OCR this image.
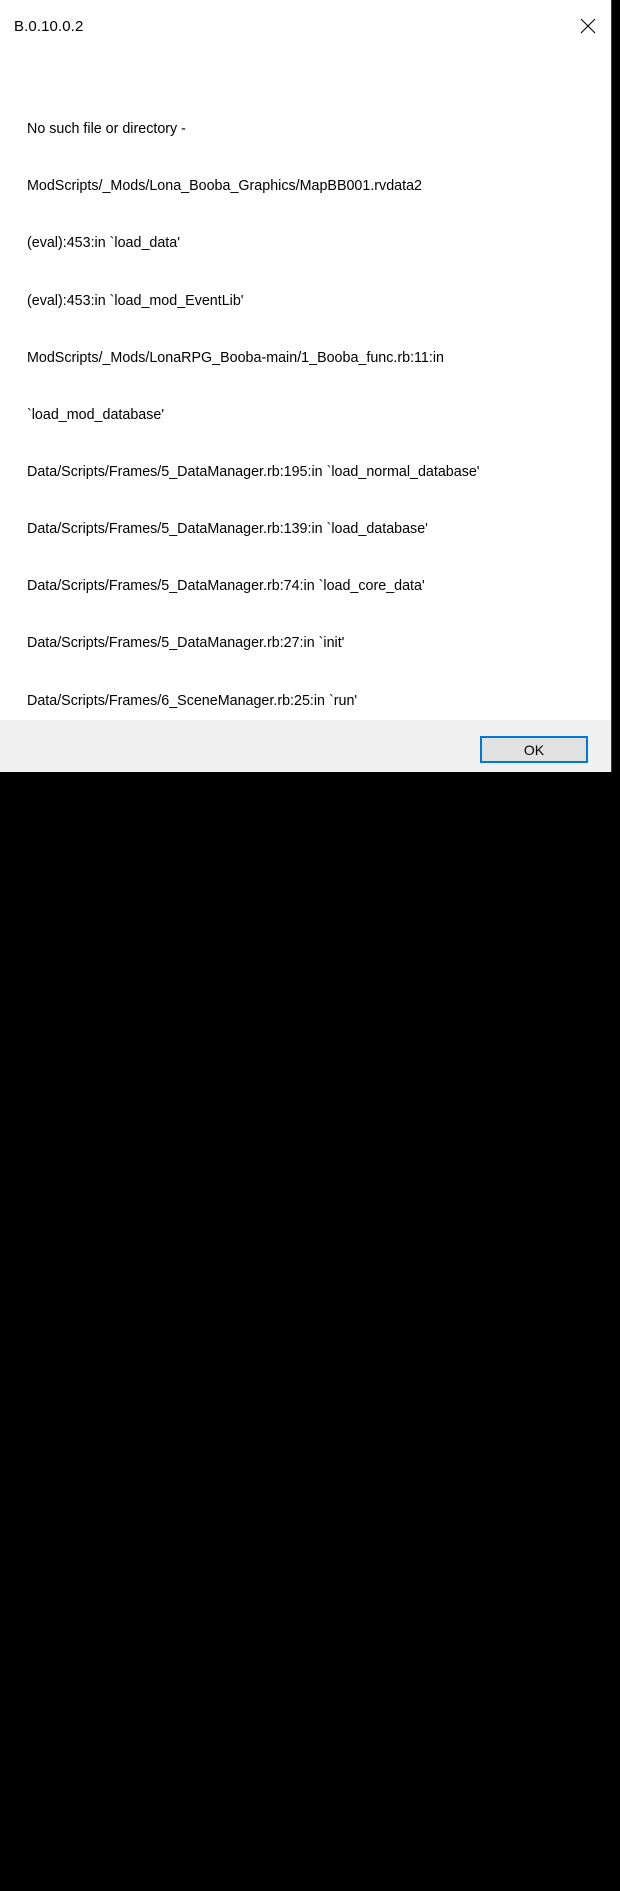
B.0.10.0.2

No such file or directory -

ModScripts/_Mods/Lona_Booba_Graphics/MapBB001.rvdata2

(eval):453:in `load_data'

(eval):453:in `load_mod_EventLib'

ModScripts/_Mods/LonaRPG_Booba-main/1_Booba_func.rb:11:in

`load_mod_database'

Data/Scripts/Frames/5_DataManager.rb:195:in `load_normal_database'

Data/Scripts/Frames/5_DataManager.rb:139:in `load_database'

Data/Scripts/Frames/5_DataManager.rb:74:in `load_core_data'

Data/Scripts/Frames/5_DataManager.rb:27:in `init'

Data/Scripts/Frames/6_SceneManager.rb:25:in `run'

Data/Scripts/Frames/RVscript/460_KHAS_LightLib.rb:2069:in `run'

ModScripts/2_LonaBitmapChanger.rb:849:in `run'

Data/Scripts/Frames/Starter/Main.rb:9:in `block in load_script'

:1:in `block in rgss_main'

:1:in `loop'

:1:in `rgss_main'

Data/Scripts/Frames/Starter/Main.rb:8:in `load_script'

(eval):70:in `eval'

(eval):70:in `load_script'

(eval):46:in `block in load_from_list'

(eval):43:in `each'

(eval):43:in `load_from_list'

(eval):87:in `load_starter'

(eval):29:in `block in <main>'

{0000}:19:in `eval'

{0000}:19:in `block in <main>'

{0000}:15:in `each'

{0000}:15:in `<main>'

ruby:in `eval'

OK
